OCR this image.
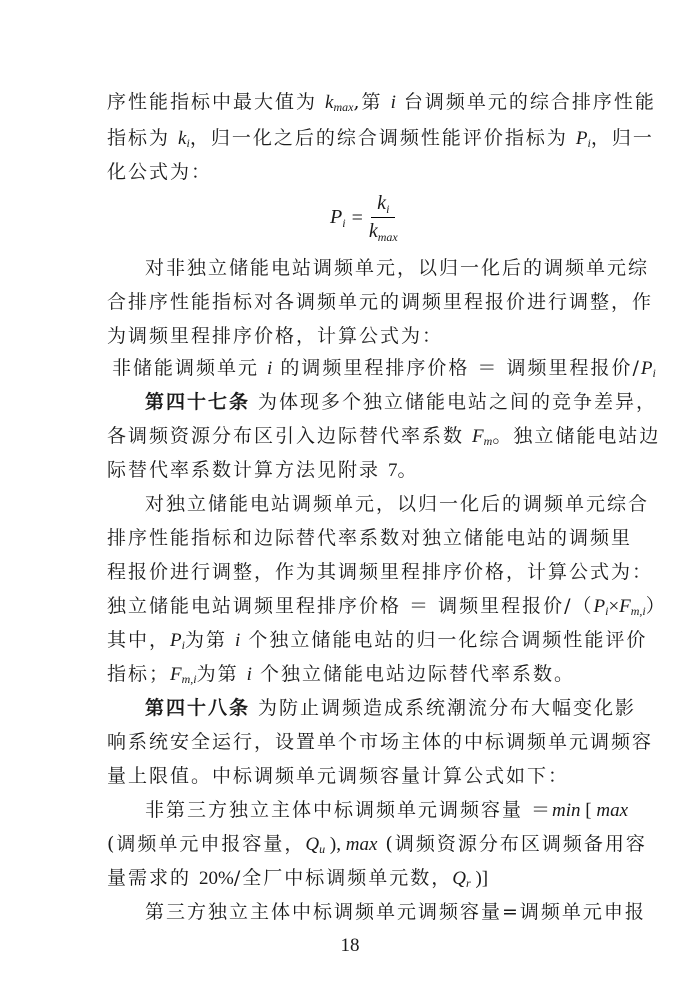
$P_i = \frac{k_i}{k_{max}}$
18
序性能指标中最大值为 kmax,第 i 台调频单元的综合排序性能
指标为 ki，归一化之后的综合调频性能评价指标为 Pi，归一
化公式为：
对非独立储能电站调频单元，以归一化后的调频单元综
合排序性能指标对各调频单元的调频里程报价进行调整，作
为调频里程排序价格，计算公式为：
非储能调频单元 i 的调频里程排序价格 ＝ 调频里程报价/Pi
第四十七条 为体现多个独立储能电站之间的竞争差异，
各调频资源分布区引入边际替代率系数 Fm。独立储能电站边
际替代率系数计算方法见附录 7。
对独立储能电站调频单元，以归一化后的调频单元综合
排序性能指标和边际替代率系数对独立储能电站的调频里
程报价进行调整，作为其调频里程排序价格，计算公式为：
独立储能电站调频里程排序价格 ＝ 调频里程报价/（Pi×Fm,i）
其中，Pi为第 i 个独立储能电站的归一化综合调频性能评价
指标；Fm,i为第 i 个独立储能电站边际替代率系数。
第四十八条 为防止调频造成系统潮流分布大幅变化影
响系统安全运行，设置单个市场主体的中标调频单元调频容
量上限值。中标调频单元调频容量计算公式如下：
非第三方独立主体中标调频单元调频容量 ＝min [ max
(调频单元申报容量，Qu ), max (调频资源分布区调频备用容
量需求的 20%/全厂中标调频单元数，Qr )]
第三方独立主体中标调频单元调频容量=调频单元申报
